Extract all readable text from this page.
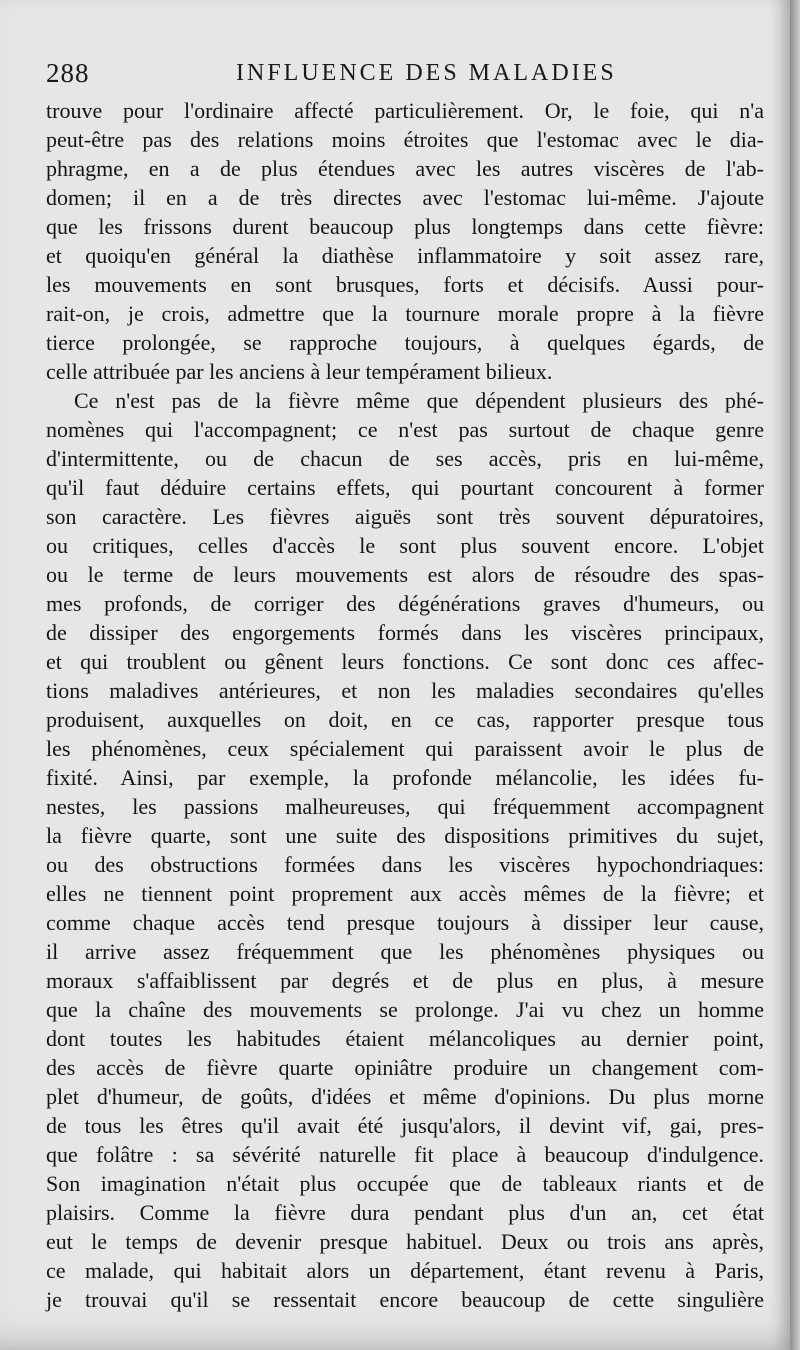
288	INFLUENCE DES MALADIES
trouve pour l'ordinaire affecté particulièrement. Or, le foie, qui n'a
peut-être pas des relations moins étroites que l'estomac avec le dia-
phragme, en a de plus étendues avec les autres viscères de l'ab-
domen; il en a de très directes avec l'estomac lui-même. J'ajoute
que les frissons durent beaucoup plus longtemps dans cette fièvre:
et quoiqu'en général la diathèse inflammatoire y soit assez rare,
les mouvements en sont brusques, forts et décisifs. Aussi pour-
rait-on, je crois, admettre que la tournure morale propre à la fièvre
tierce prolongée, se rapproche toujours, à quelques égards, de
celle attribuée par les anciens à leur tempérament bilieux.
Ce n'est pas de la fièvre même que dépendent plusieurs des phé-
nomènes qui l'accompagnent; ce n'est pas surtout de chaque genre
d'intermittente, ou de chacun de ses accès, pris en lui-même,
qu'il faut déduire certains effets, qui pourtant concourent à former
son caractère. Les fièvres aiguës sont très souvent dépuratoires,
ou critiques, celles d'accès le sont plus souvent encore. L'objet
ou le terme de leurs mouvements est alors de résoudre des spas-
mes profonds, de corriger des dégénérations graves d'humeurs, ou
de dissiper des engorgements formés dans les viscères principaux,
et qui troublent ou gênent leurs fonctions. Ce sont donc ces affec-
tions maladives antérieures, et non les maladies secondaires qu'elles
produisent, auxquelles on doit, en ce cas, rapporter presque tous
les phénomènes, ceux spécialement qui paraissent avoir le plus de
fixité. Ainsi, par exemple, la profonde mélancolie, les idées fu-
nestes, les passions malheureuses, qui fréquemment accompagnent
la fièvre quarte, sont une suite des dispositions primitives du sujet,
ou des obstructions formées dans les viscères hypochondriaques:
elles ne tiennent point proprement aux accès mêmes de la fièvre; et
comme chaque accès tend presque toujours à dissiper leur cause,
il arrive assez fréquemment que les phénomènes physiques ou
moraux s'affaiblissent par degrés et de plus en plus, à mesure
que la chaîne des mouvements se prolonge. J'ai vu chez un homme
dont toutes les habitudes étaient mélancoliques au dernier point,
des accès de fièvre quarte opiniâtre produire un changement com-
plet d'humeur, de goûts, d'idées et même d'opinions. Du plus morne
de tous les êtres qu'il avait été jusqu'alors, il devint vif, gai, pres-
que folâtre : sa sévérité naturelle fit place à beaucoup d'indulgence.
Son imagination n'était plus occupée que de tableaux riants et de
plaisirs. Comme la fièvre dura pendant plus d'un an, cet état
eut le temps de devenir presque habituel. Deux ou trois ans après,
ce malade, qui habitait alors un département, étant revenu à Paris,
je trouvai qu'il se ressentait encore beaucoup de cette singulière
